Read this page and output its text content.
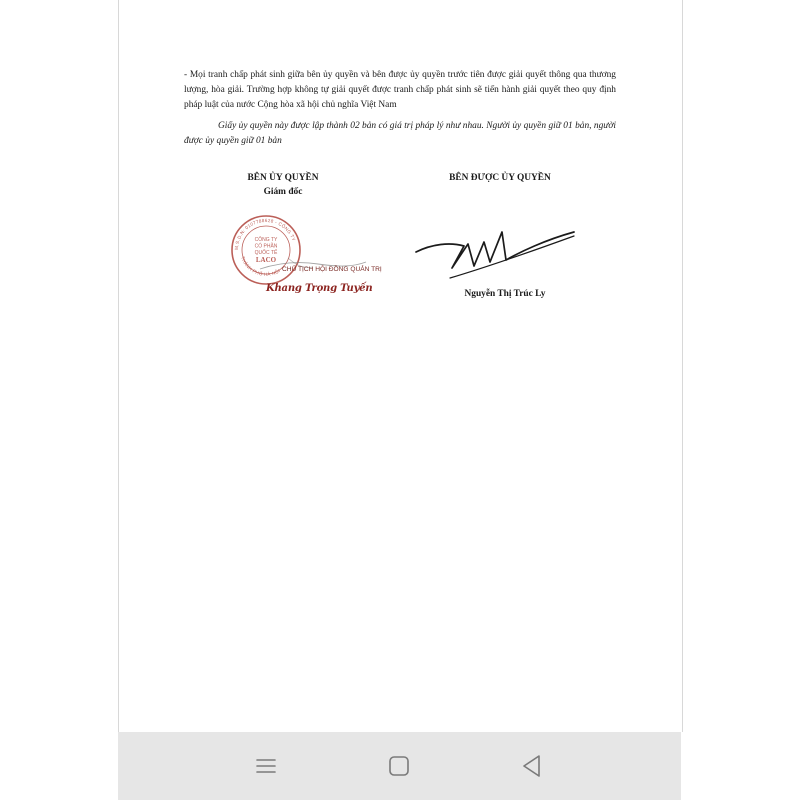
- Mọi tranh chấp phát sinh giữa bên ủy quyền và bên được ủy quyền trước tiên được giải quyết thông qua thương lượng, hòa giải. Trường hợp không tự giải quyết được tranh chấp phát sinh sẽ tiến hành giải quyết theo quy định pháp luật của nước Cộng hòa xã hội chủ nghĩa Việt Nam

Giấy ủy quyền này được lập thành 02 bản có giá trị pháp lý như nhau. Người ủy quyền giữ 01 bản, người được ủy quyền giữ 01 bản

BÊN ỦY QUYỀN
Giám đốc
M.S.D.N: 0107788628 - CÔNG TY
THÀNH PHỐ HÀ NỘI
CÔNG TY
CỔ PHẦN
QUỐC TẾ
LACO
CHỦ TỊCH HỘI ĐỒNG QUẢN TRỊ
Khang Trọng Tuyến
BÊN ĐƯỢC ỦY QUYỀN
Nguyễn Thị Trúc Ly
